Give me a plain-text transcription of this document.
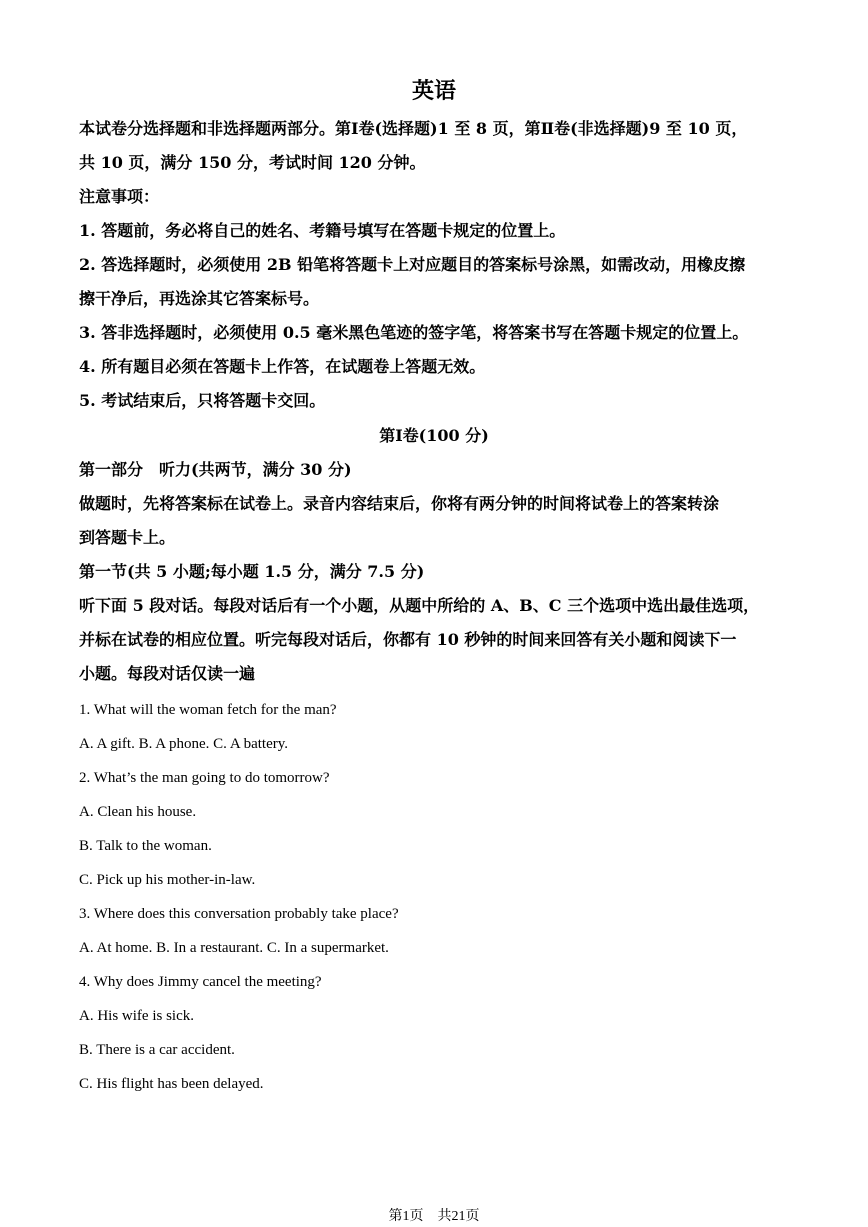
英语
本试卷分选择题和非选择题两部分。第Ⅰ卷(选择题)1 至 8 页，第Ⅱ卷(非选择题)9 至 10 页，
共 10 页，满分 150 分，考试时间 120 分钟。
注意事项：
1. 答题前，务必将自己的姓名、考籍号填写在答题卡规定的位置上。
2. 答选择题时，必须使用 2B 铅笔将答题卡上对应题目的答案标号涂黑，如需改动，用橡皮擦
擦干净后，再选涂其它答案标号。
3. 答非选择题时，必须使用 0.5 毫米黑色笔迹的签字笔，将答案书写在答题卡规定的位置上。
4. 所有题目必须在答题卡上作答，在试题卷上答题无效。
5. 考试结束后，只将答题卡交回。
第Ⅰ卷(100 分)
第一部分　听力(共两节，满分 30 分)
做题时，先将答案标在试卷上。录音内容结束后，你将有两分钟的时间将试卷上的答案转涂
到答题卡上。
第一节(共 5 小题;每小题 1.5 分，满分 7.5 分)
听下面 5 段对话。每段对话后有一个小题，从题中所给的 A、B、C 三个选项中选出最佳选项，
并标在试卷的相应位置。听完每段对话后，你都有 10 秒钟的时间来回答有关小题和阅读下一
小题。每段对话仅读一遍
1. What will the woman fetch for the man?
A. A gift. B. A phone. C. A battery.
2. What’s the man going to do tomorrow?
A. Clean his house.
B. Talk to the woman.
C. Pick up his mother-in-law.
3. Where does this conversation probably take place?
A. At home. B. In a restaurant. C. In a supermarket.
4. Why does Jimmy cancel the meeting?
A. His wife is sick.
B. There is a car accident.
C. His flight has been delayed.
第1页　共21页
